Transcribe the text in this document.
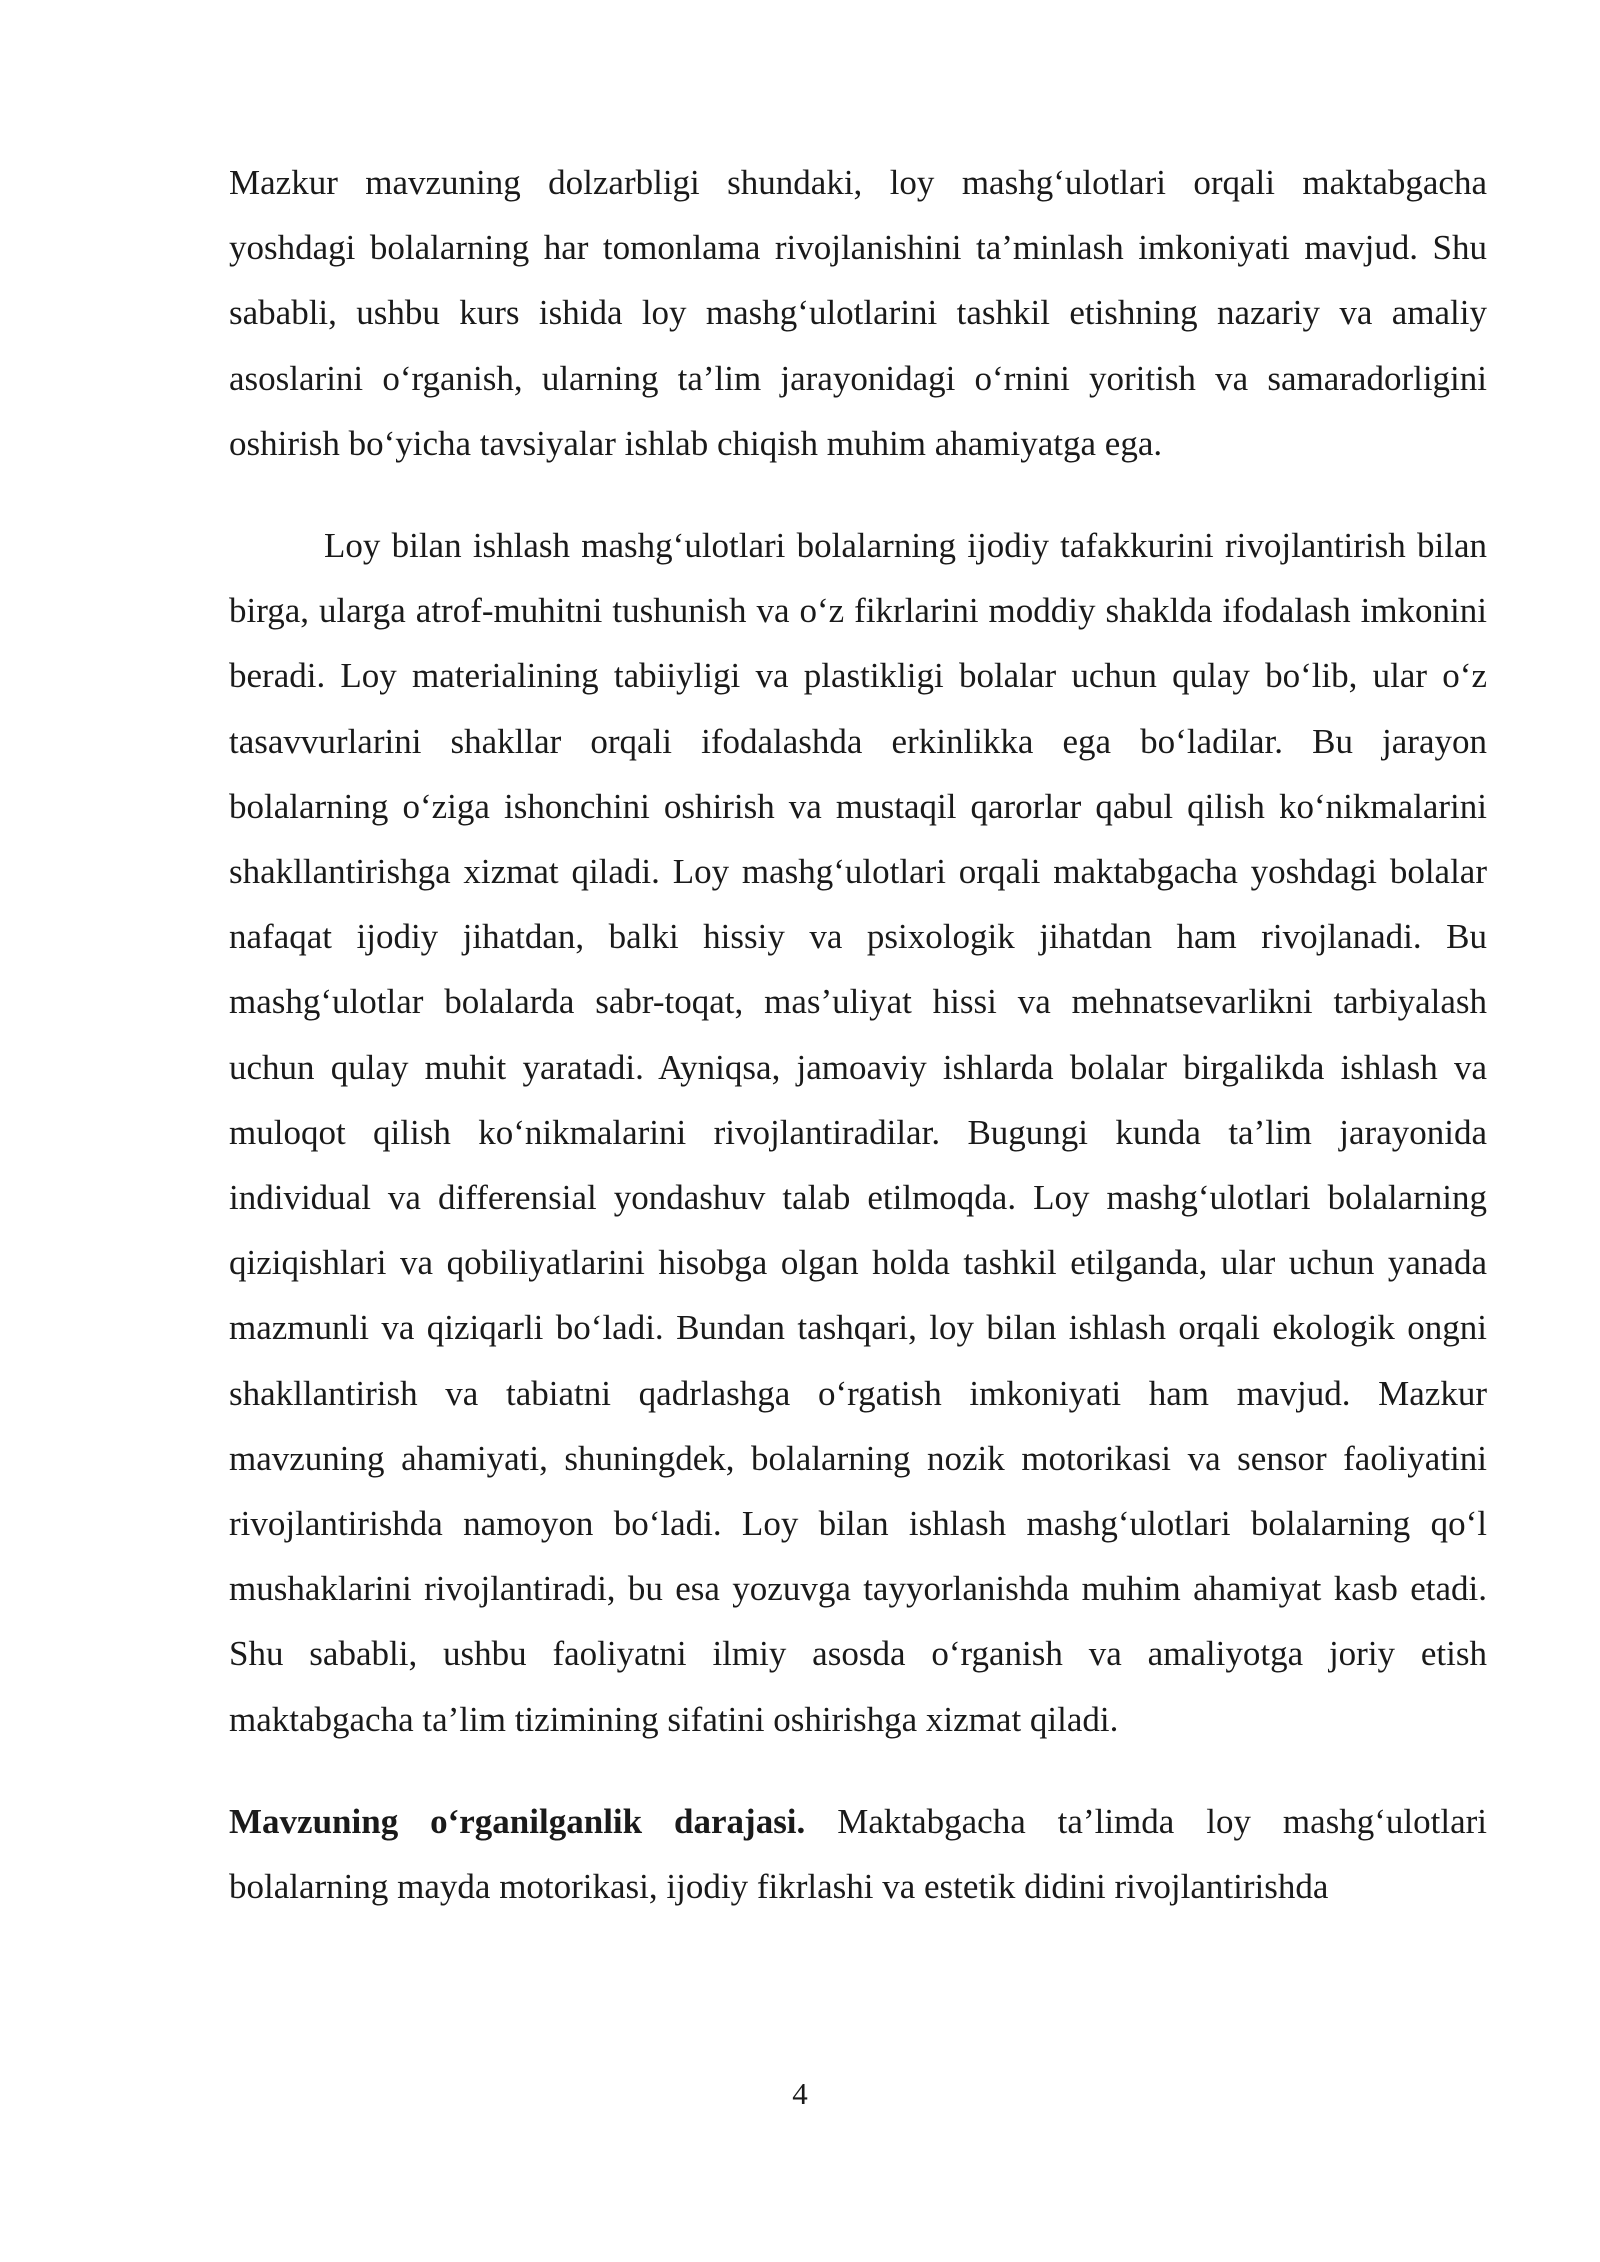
Mazkur mavzuning dolzarbligi shundaki, loy mashg‘ulotlari orqali maktabgacha yoshdagi bolalarning har tomonlama rivojlanishini ta’minlash imkoniyati mavjud. Shu sababli, ushbu kurs ishida loy mashg‘ulotlarini tashkil etishning nazariy va amaliy asoslarini o‘rganish, ularning ta’lim jarayonidagi o‘rnini yoritish va samaradorligini oshirish bo‘yicha tavsiyalar ishlab chiqish muhim ahamiyatga ega.

Loy bilan ishlash mashg‘ulotlari bolalarning ijodiy tafakkurini rivojlantirish bilan birga, ularga atrof-muhitni tushunish va o‘z fikrlarini moddiy shaklda ifodalash imkonini beradi. Loy materialining tabiiyligi va plastikligi bolalar uchun qulay bo‘lib, ular o‘z tasavvurlarini shakllar orqali ifodalashda erkinlikka ega bo‘ladilar. Bu jarayon bolalarning o‘ziga ishonchini oshirish va mustaqil qarorlar qabul qilish ko‘nikmalarini shakllantirishga xizmat qiladi. Loy mashg‘ulotlari orqali maktabgacha yoshdagi bolalar nafaqat ijodiy jihatdan, balki hissiy va psixologik jihatdan ham rivojlanadi. Bu mashg‘ulotlar bolalarda sabr-toqat, mas’uliyat hissi va mehnatsevarlikni tarbiyalash uchun qulay muhit yaratadi. Ayniqsa, jamoaviy ishlarda bolalar birgalikda ishlash va muloqot qilish ko‘nikmalarini rivojlantiradilar. Bugungi kunda ta’lim jarayonida individual va differensial yondashuv talab etilmoqda. Loy mashg‘ulotlari bolalarning qiziqishlari va qobiliyatlarini hisobga olgan holda tashkil etilganda, ular uchun yanada mazmunli va qiziqarli bo‘ladi. Bundan tashqari, loy bilan ishlash orqali ekologik ongni shakllantirish va tabiatni qadrlashga o‘rgatish imkoniyati ham mavjud. Mazkur mavzuning ahamiyati, shuningdek, bolalarning nozik motorikasi va sensor faoliyatini rivojlantirishda namoyon bo‘ladi. Loy bilan ishlash mashg‘ulotlari bolalarning qo‘l mushaklarini rivojlantiradi, bu esa yozuvga tayyorlanishda muhim ahamiyat kasb etadi. Shu sababli, ushbu faoliyatni ilmiy asosda o‘rganish va amaliyotga joriy etish maktabgacha ta’lim tizimining sifatini oshirishga xizmat qiladi.

Mavzuning o‘rganilganlik darajasi. Maktabgacha ta’limda loy mashg‘ulotlari bolalarning mayda motorikasi, ijodiy fikrlashi va estetik didini rivojlantirishda

4
